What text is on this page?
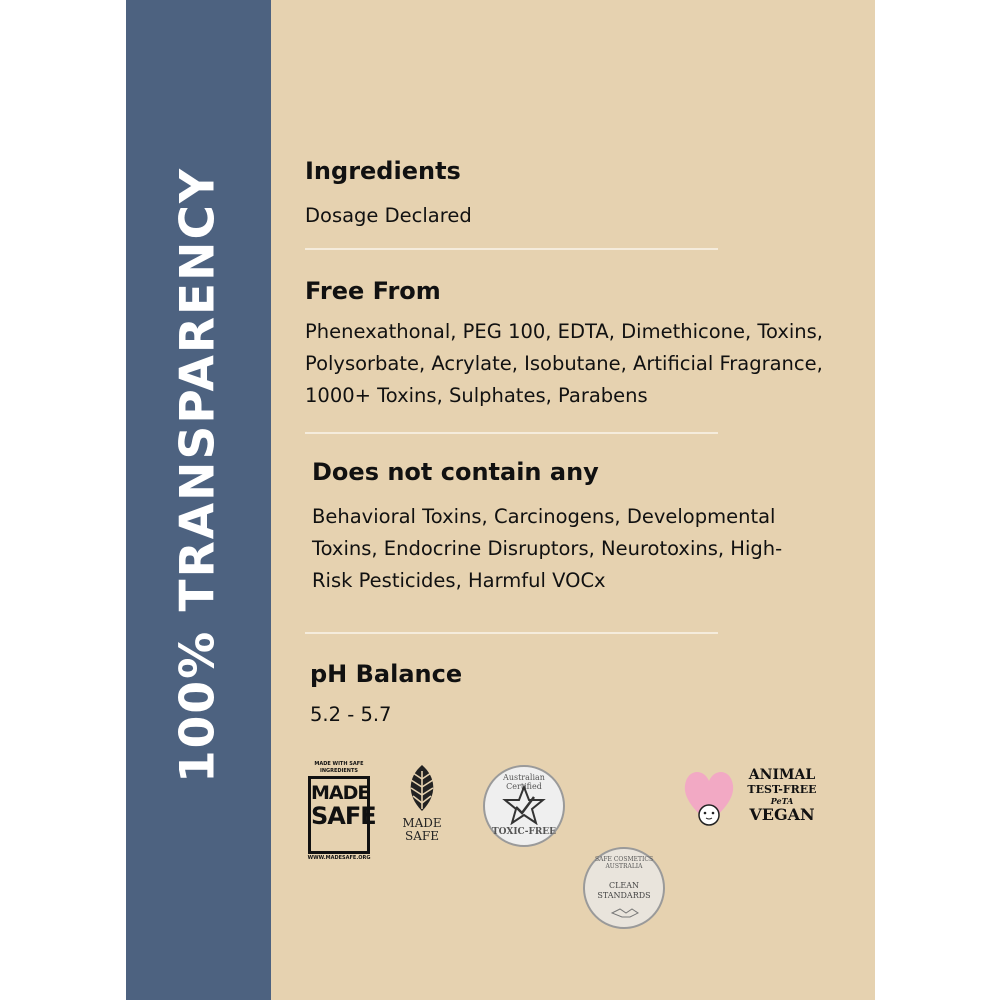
100% TRANSPARENCY	Ingredients

Dosage Declared

Free From

Phenexathonal, PEG 100, EDTA, Dimethicone, Toxins,

Polysorbate, Acrylate, Isobutane, Artificial Fragrance,

1000+ Toxins, Sulphates, Parabens

Does not contain any

Behavioral Toxins, Carcinogens, Developmental

Toxins, Endocrine Disruptors, Neurotoxins, High-

Risk Pesticides, Harmful VOCx

pH Balance

5.2 - 5.7

MADE WITH SAFE INGREDIENTS
MADE
SAFE
WWW.MADESAFE.ORG
MADE
SAFE
Australian Certified
TOXIC-FREE
SAFE COSMETICS AUSTRALIA
CLEAN
STANDARDS
ANIMAL
TEST-FREE
PeTA
VEGAN
